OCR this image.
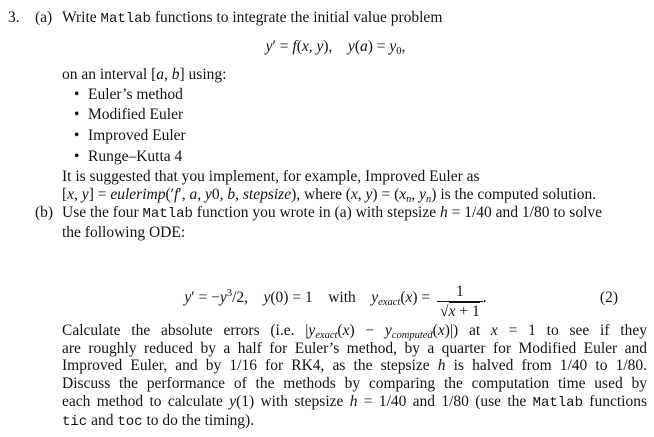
3. (a) Write Matlab functions to integrate the initial value problem
y′ = f(x, y),  $y(a) = y_0$,

on an interval [a, b] using:

• Euler’s method
• Modified Euler
• Improved Euler
• Runge–Kutta 4

It is suggested that you implement, for example, Improved Euler as
[x, y] = eulerimp(′f′, a, y0, b, stepsize), where (x, $y) = (x_n$, $y_n$) is the computed solution.

(b) Use the four Matlab function you wrote in (a) with stepsize h = 1/40 and 1/80 to solve
the following ODE:
$y' = -y^3/2$,   y(0) = 1  with  $y_{exact}(x) = \frac{1}{√x + 1}$ .	(2)
Calculate the absolute errors (i.e. $|y_{exact}(x) - y_{computed}(x)|$) at x = 1 to see if they
are roughly reduced by a half for Euler’s method, by a quarter for Modified Euler and
Improved Euler, and by 1/16 for RK4, as the stepsize h is halved from 1/40 to 1/80.
Discuss the performance of the methods by comparing the computation time used by
each method to calculate y(1) with stepsize h = 1/40 and 1/80 (use the Matlab functions
tic and toc to do the timing).
